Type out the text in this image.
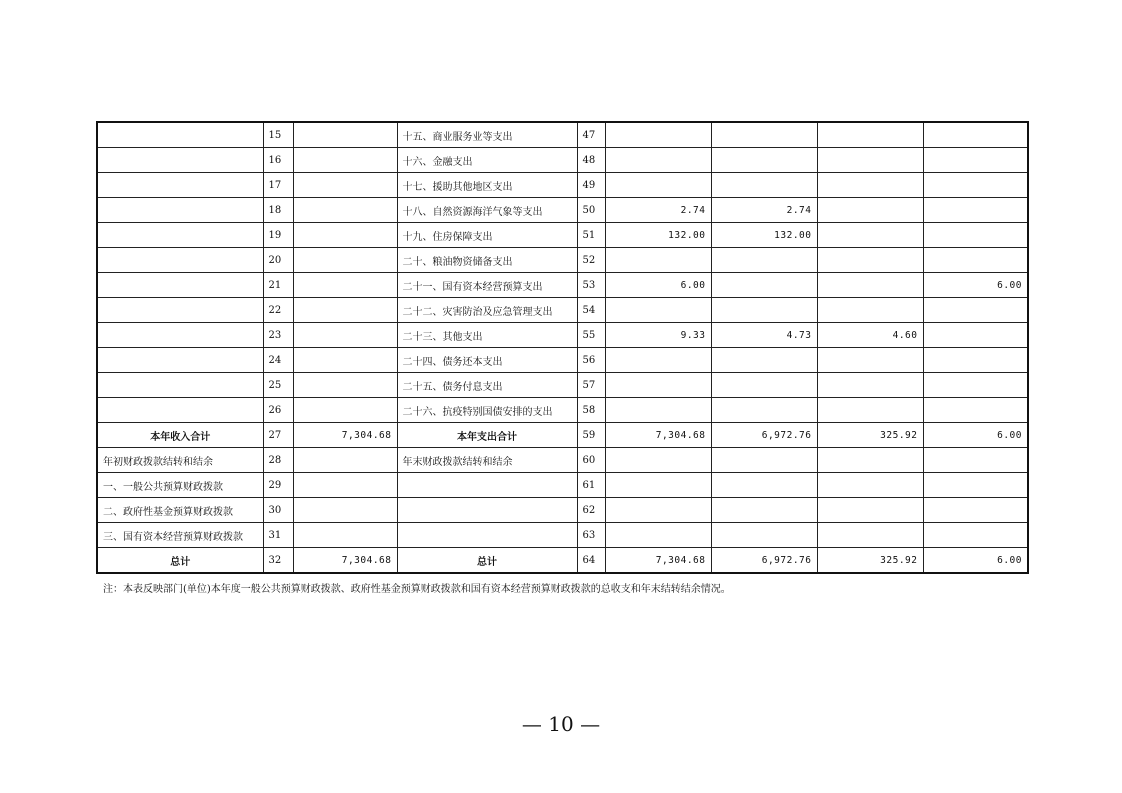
	15		十五、商业服务业等支出	47				
	16		十六、金融支出	48				
	17		十七、援助其他地区支出	49				
	18		十八、自然资源海洋气象等支出	50	2.74	2.74		
	19		十九、住房保障支出	51	132.00	132.00		
	20		二十、粮油物资储备支出	52				
	21		二十一、国有资本经营预算支出	53	6.00			6.00
	22		二十二、灾害防治及应急管理支出	54				
	23		二十三、其他支出	55	9.33	4.73	4.60	
	24		二十四、债务还本支出	56				
	25		二十五、债务付息支出	57				
	26		二十六、抗疫特别国债安排的支出	58				
本年收入合计	27	7,304.68	本年支出合计	59	7,304.68	6,972.76	325.92	6.00
年初财政拨款结转和结余	28		年末财政拨款结转和结余	60				
一、一般公共预算财政拨款	29			61				
二、政府性基金预算财政拨款	30			62				
三、国有资本经营预算财政拨款	31			63				
总计	32	7,304.68	总计	64	7,304.68	6,972.76	325.92	6.00
注：本表反映部门(单位)本年度一般公共预算财政拨款、政府性基金预算财政拨款和国有资本经营预算财政拨款的总收支和年末结转结余情况。
— 10 —
